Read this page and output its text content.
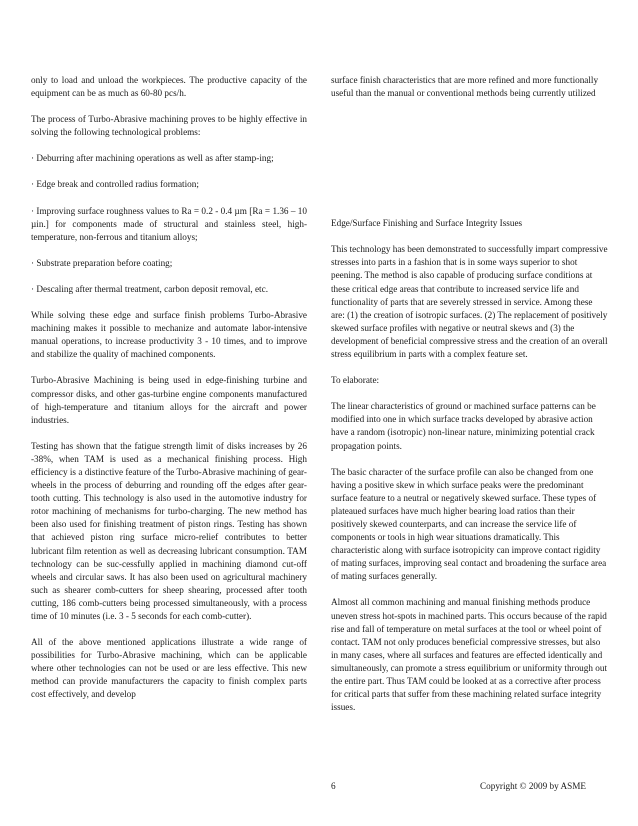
only to load and unload the workpieces. The productive capacity of the equipment can be as much as 60-80 pcs/h.

The process of Turbo-Abrasive machining proves to be highly effective in solving the following technological problems:

· Deburring after machining operations as well as after stamp-ing;

· Edge break and controlled radius formation;

· Improving surface roughness values to Ra = 0.2 - 0.4 µm [Ra = 1.36 – 10 µin.] for components made of structural and stainless steel, high-temperature, non-ferrous and titanium alloys;

· Substrate preparation before coating;

· Descaling after thermal treatment, carbon deposit removal, etc.

While solving these edge and surface finish problems Turbo-Abrasive machining makes it possible to mechanize and automate labor-intensive manual operations, to increase productivity 3 - 10 times, and to improve and stabilize the quality of machined components.

Turbo-Abrasive Machining is being used in edge-finishing turbine and compressor disks, and other gas-turbine engine components manufactured of high-temperature and titanium alloys for the aircraft and power industries.

Testing has shown that the fatigue strength limit of disks increases by 26 -38%, when TAM is used as a mechanical finishing process. High efficiency is a distinctive feature of the Turbo-Abrasive machining of gear-wheels in the process of deburring and rounding off the edges after gear-tooth cutting. This technology is also used in the automotive industry for rotor machining of mechanisms for turbo-charging. The new method has been also used for finishing treatment of piston rings. Testing has shown that achieved piston ring surface micro-relief contributes to better lubricant film retention as well as decreasing lubricant consumption. TAM technology can be suc-cessfully applied in machining diamond cut-off wheels and circular saws. It has also been used on agricultural machinery such as shearer comb-cutters for sheep shearing, processed after tooth cutting, 186 comb-cutters being processed simultaneously, with a process time of 10 minutes (i.e. 3 - 5 seconds for each comb-cutter).

All of the above mentioned applications illustrate a wide range of possibilities for Turbo-Abrasive machining, which can be applicable where other technologies can not be used or are less effective. This new method can provide manufacturers the capacity to finish complex parts cost effectively, and develop

surface finish characteristics that are more refined and more functionally useful than the manual or conventional methods being currently utilized

Edge/Surface Finishing and Surface Integrity Issues

This technology has been demonstrated to successfully impart compressive stresses into parts in a fashion that is in some ways superior to shot peening. The method is also capable of producing surface conditions at these critical edge areas that contribute to increased service life and functionality of parts that are severely stressed in service. Among these are: (1) the creation of isotropic surfaces. (2) The replacement of positively skewed surface profiles with negative or neutral skews and (3) the development of beneficial compressive stress and the creation of an overall stress equilibrium in parts with a complex feature set.

To elaborate:

The linear characteristics of ground or machined surface patterns can be modified into one in which surface tracks developed by abrasive action have a random (isotropic) non-linear nature, minimizing potential crack propagation points.

The basic character of the surface profile can also be changed from one having a positive skew in which surface peaks were the predominant surface feature to a neutral or negatively skewed surface. These types of plateaued surfaces have much higher bearing load ratios than their positively skewed counterparts, and can increase the service life of components or tools in high wear situations dramatically. This characteristic along with surface isotropicity can improve contact rigidity of mating surfaces, improving seal contact and broadening the surface area of mating surfaces generally.

Almost all common machining and manual finishing methods produce uneven stress hot-spots in machined parts. This occurs because of the rapid rise and fall of temperature on metal surfaces at the tool or wheel point of contact. TAM not only produces beneficial compressive stresses, but also in many cases, where all surfaces and features are effected identically and simultaneously, can promote a stress equilibrium or uniformity through out the entire part. Thus TAM could be looked at as a corrective after process for critical parts that suffer from these machining related surface integrity issues.

6	Copyright © 2009 by ASME
